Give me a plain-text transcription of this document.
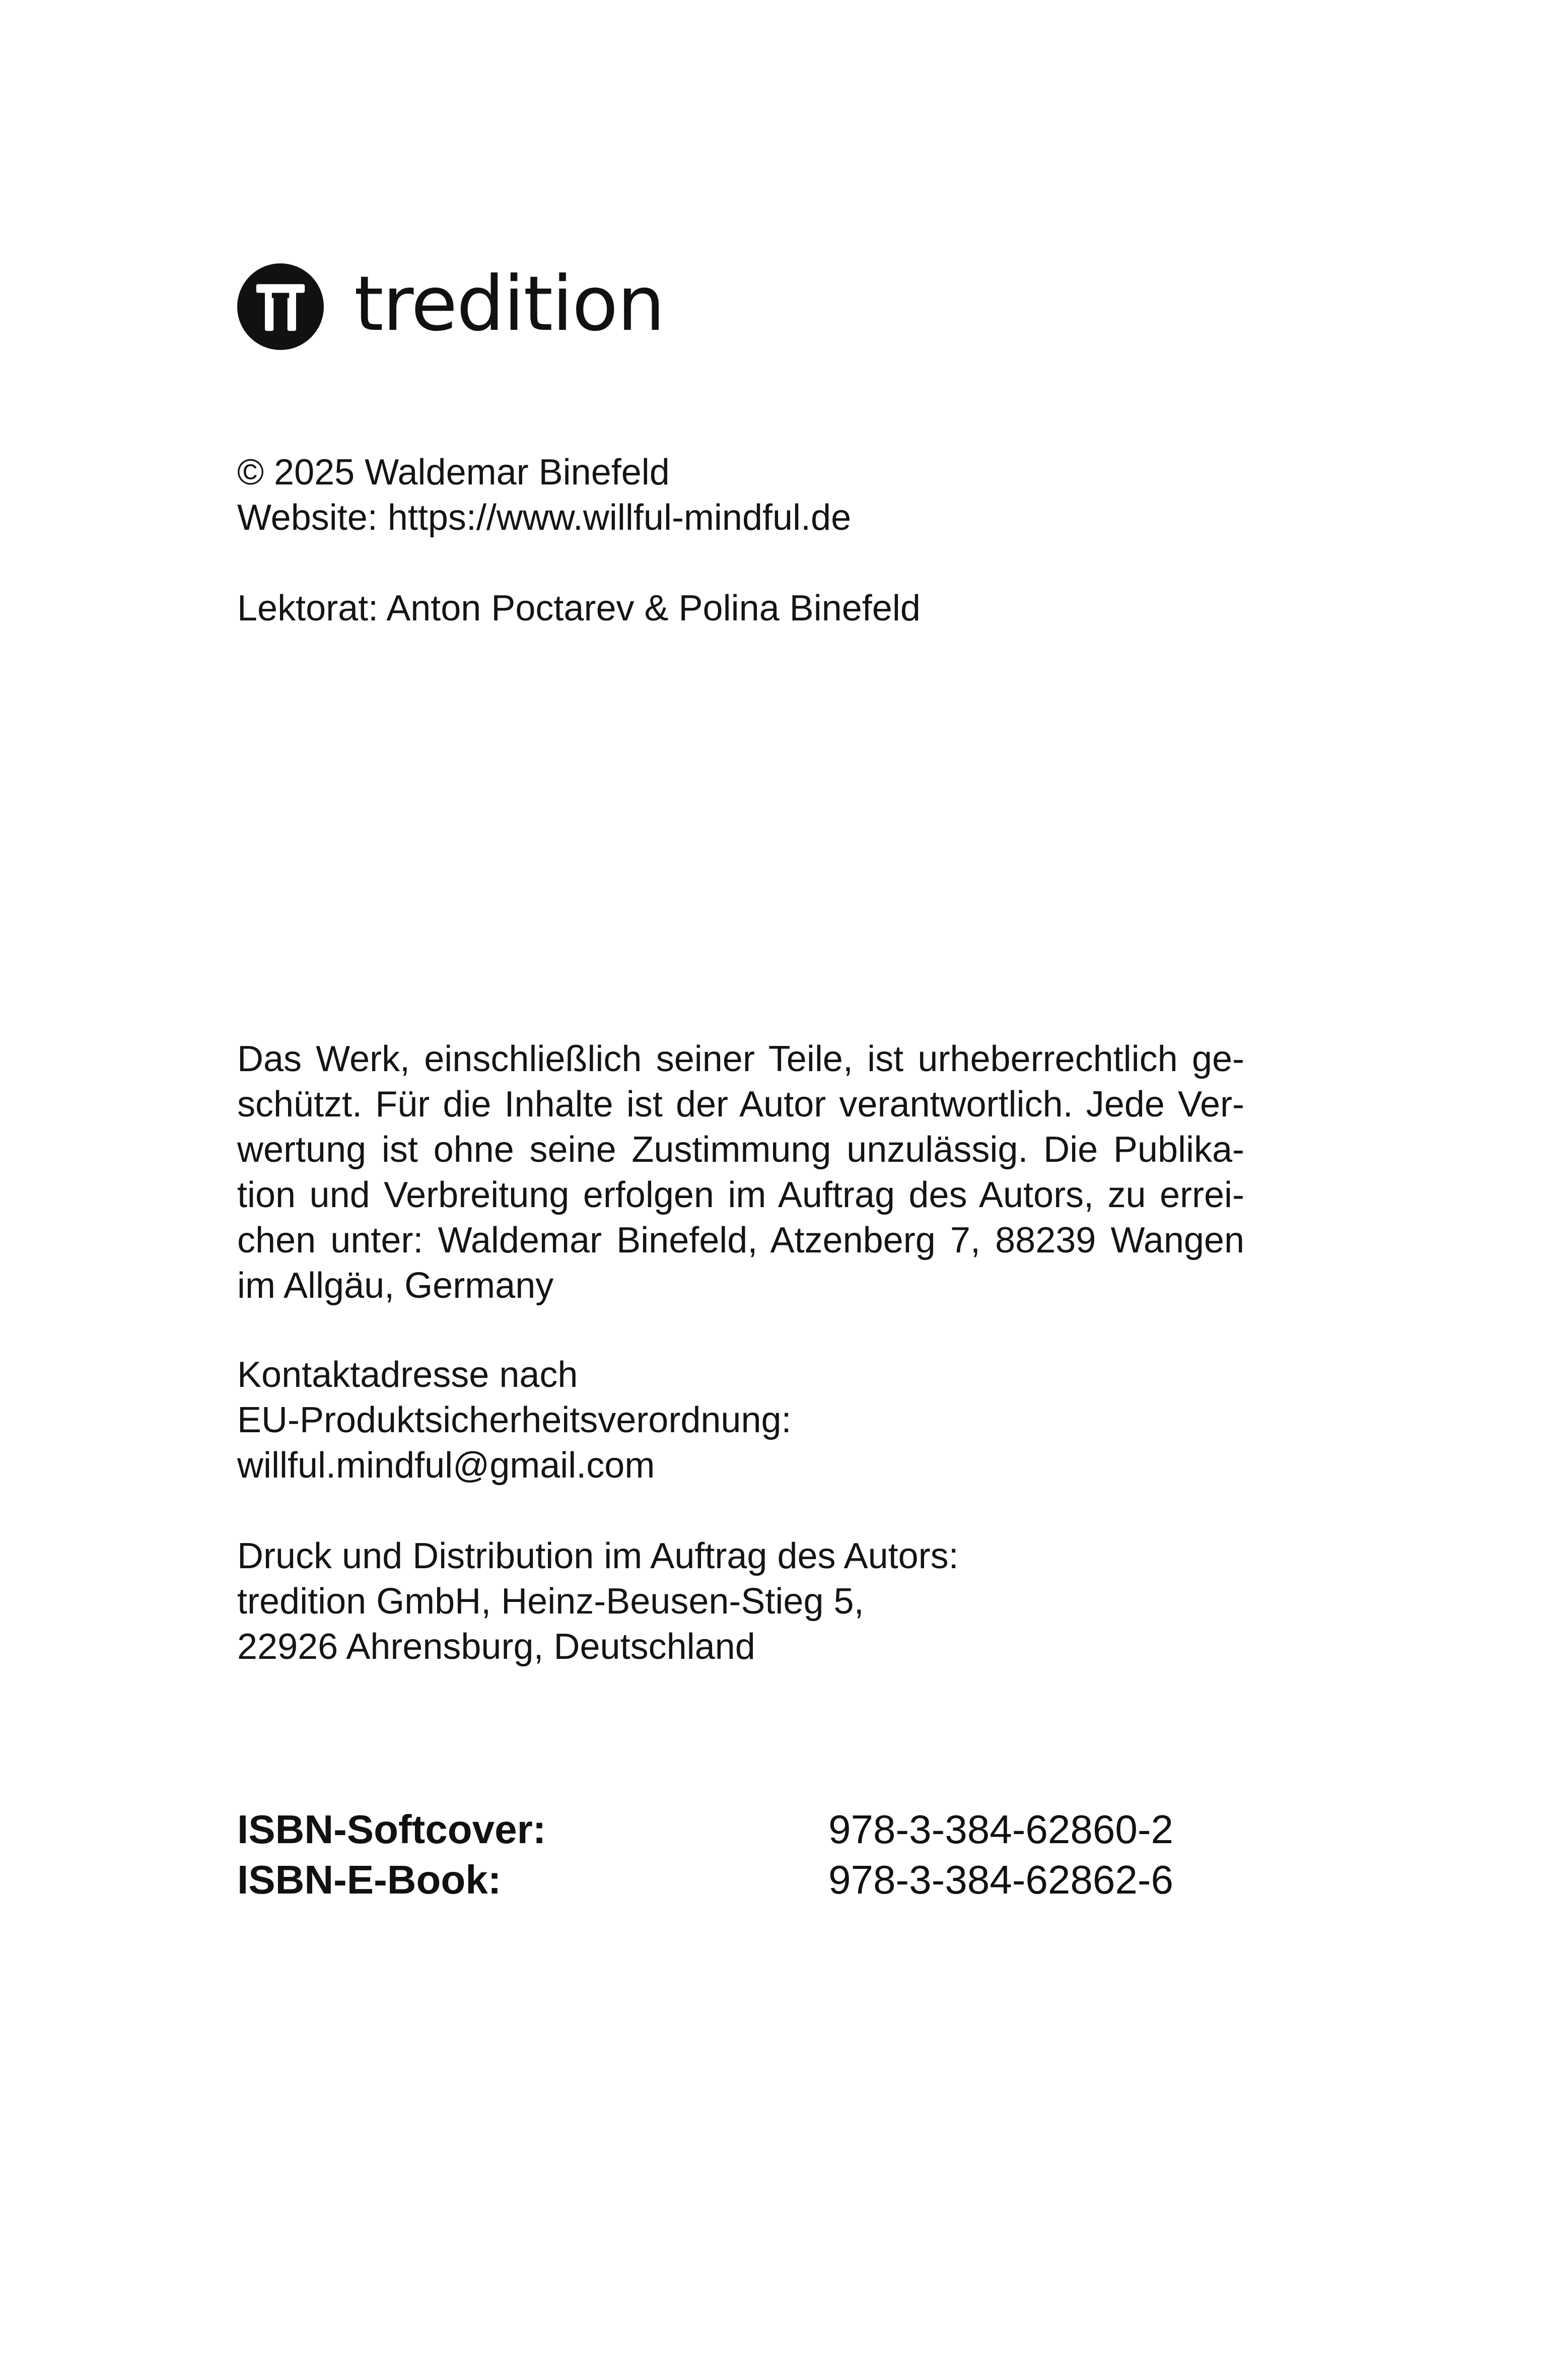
tredition
© 2025 Waldemar Binefeld
Website: https://www.willful-mindful.de
Lektorat: Anton Poctarev & Polina Binefeld
Das Werk, einschließlich seiner Teile, ist urheberrechtlich ge-
schützt. Für die Inhalte ist der Autor verantwortlich. Jede Ver-
wertung ist ohne seine Zustimmung unzulässig. Die Publika-
tion und Verbreitung erfolgen im Auftrag des Autors, zu errei-
chen unter: Waldemar Binefeld, Atzenberg 7, 88239 Wangen
im Allgäu, Germany
Kontaktadresse nach
EU-Produktsicherheitsverordnung:
willful.mindful@gmail.com
Druck und Distribution im Auftrag des Autors:
tredition GmbH, Heinz-Beusen-Stieg 5,
22926 Ahrensburg, Deutschland
ISBN-Softcover:	978-3-384-62860-2
ISBN-E-Book:	978-3-384-62862-6
